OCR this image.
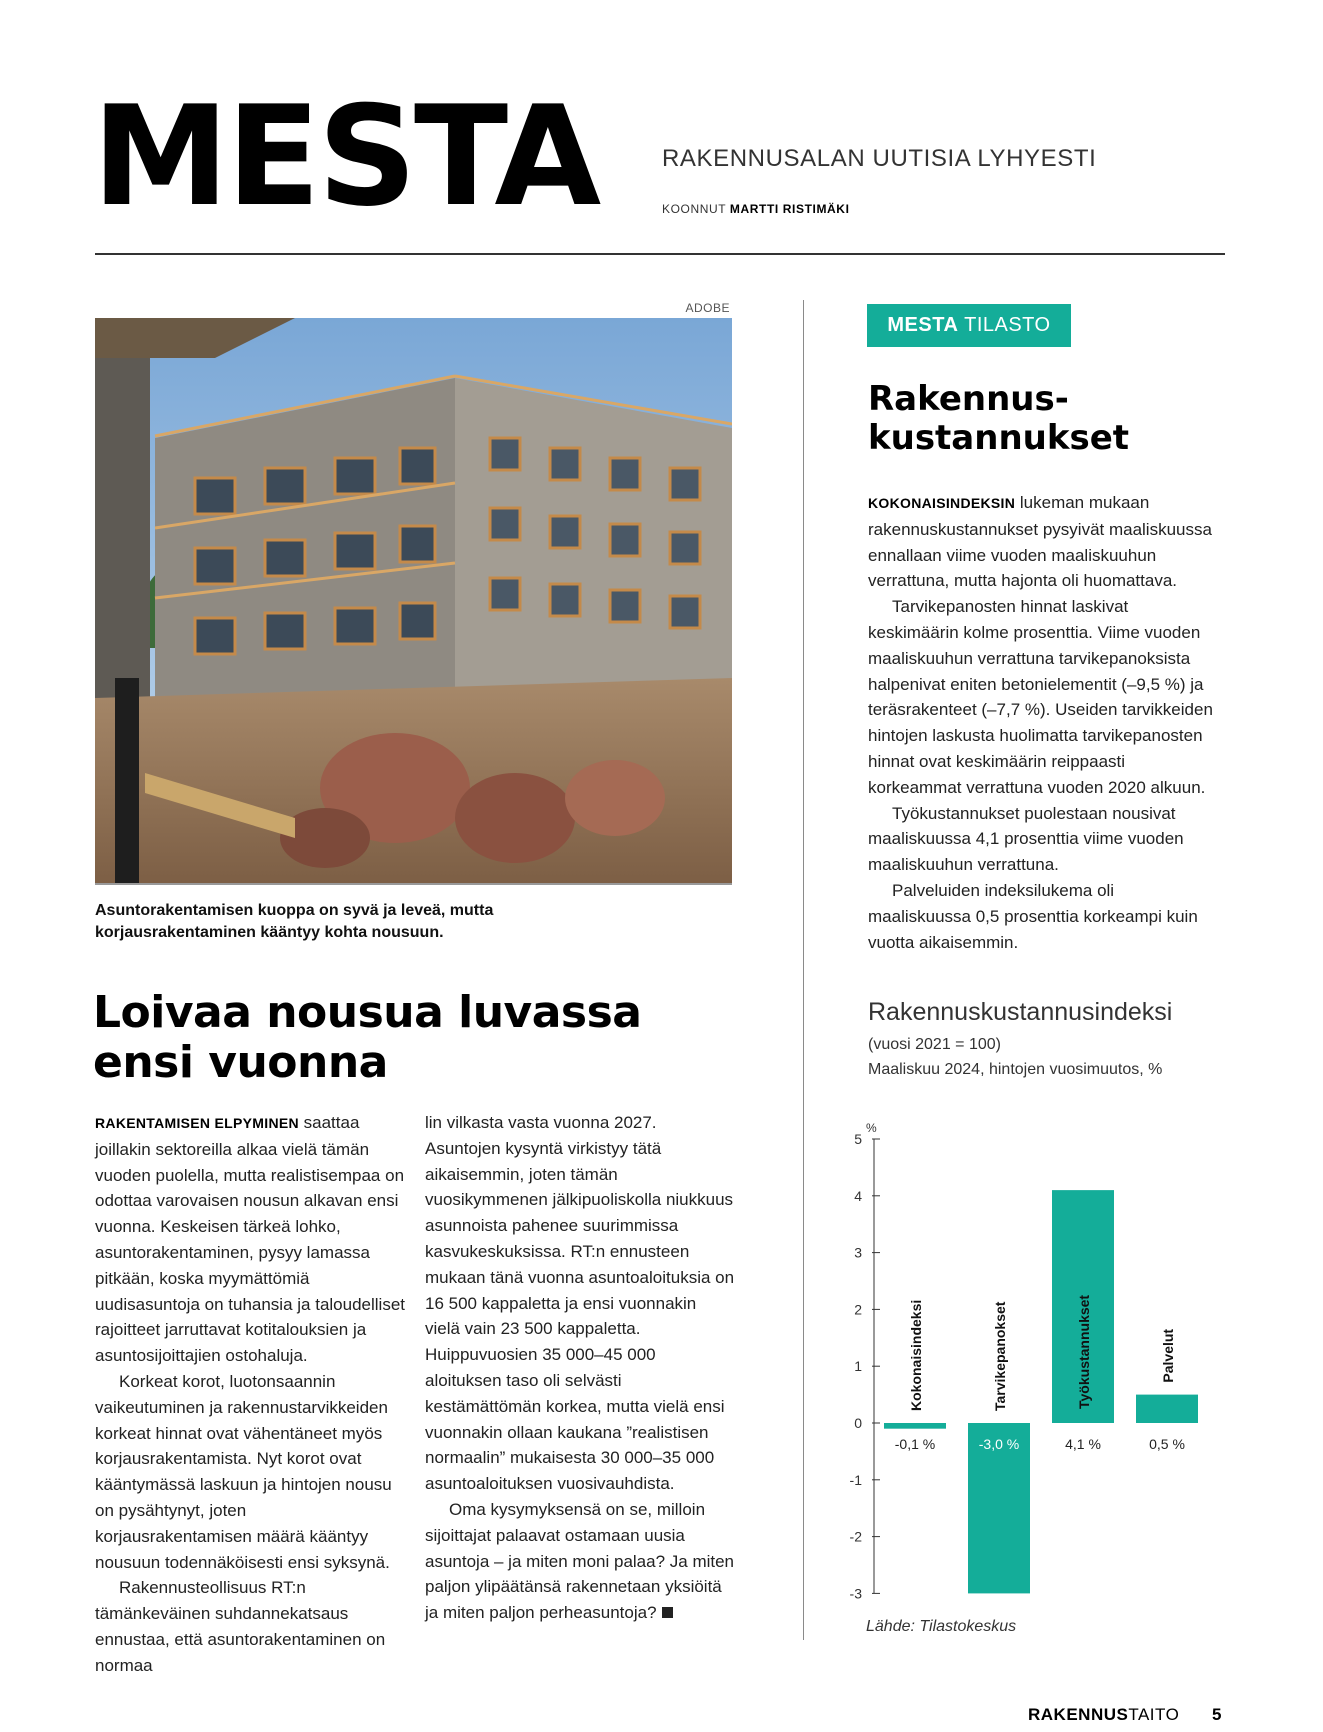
MESTA	RAKENNUSALAN UUTISIA LYHYESTI
KOONNUT MARTTI RISTIMÄKI
ADOBE
Asuntorakentamisen kuoppa on syvä ja leveä, mutta korjausrakentaminen kääntyy kohta nousuun.
Loivaa nousua luvassa ensi vuonna

RAKENTAMISEN ELPYMINEN saattaa joillakin sektoreilla alkaa vielä tämän vuoden puolella, mutta realistisempaa on odottaa varovaisen nousun alkavan ensi vuonna. Keskeisen tärkeä lohko, asuntorakentaminen, pysyy lamassa pitkään, koska myymättömiä uudisasuntoja on tuhansia ja taloudelliset rajoitteet jarruttavat kotitalouksien ja asuntosijoittajien ostohaluja.

Korkeat korot, luotonsaannin vaikeutuminen ja rakennustarvikkeiden korkeat hinnat ovat vähentäneet myös korjausrakentamista. Nyt korot ovat kääntymässä laskuun ja hintojen nousu on pysähtynyt, joten korjausrakentamisen määrä kääntyy nousuun todennäköisesti ensi syksynä.

Rakennusteollisuus RT:n tämänkeväinen suhdannekatsaus ennustaa, että asuntorakentaminen on normaa

lin vilkasta vasta vuonna 2027. Asuntojen kysyntä virkistyy tätä aikaisemmin, joten tämän vuosikymmenen jälkipuoliskolla niukkuus asunnoista pahenee suurimmissa kasvukeskuksissa. RT:n ennusteen mukaan tänä vuonna asuntoaloituksia on 16 500 kappaletta ja ensi vuonnakin vielä vain 23 500 kappaletta. Huippuvuosien 35 000–45 000 aloituksen taso oli selvästi kestämättömän korkea, mutta vielä ensi vuonnakin ollaan kaukana ”realistisen normaalin” mukaisesta 30 000–35 000 asuntoaloituksen vuosivauhdista.

Oma kysymyksensä on se, milloin sijoittajat palaavat ostamaan uusia asuntoja – ja miten moni palaa? Ja miten paljon ylipäätänsä rakennetaan yksiöitä ja miten paljon perheasuntoja?

MESTA TILASTO
Rakennus-kustannukset

KOKONAISINDEKSIN lukeman mukaan rakennuskustannukset pysyivät maaliskuussa ennallaan viime vuoden maaliskuuhun verrattuna, mutta hajonta oli huomattava.

Tarvikepanosten hinnat laskivat keskimäärin kolme prosenttia. Viime vuoden maaliskuuhun verrattuna tarvikepanoksista halpenivat eniten betonielementit (–9,5 %) ja teräsrakenteet (–7,7 %). Useiden tarvikkeiden hintojen laskusta huolimatta tarvikepanosten hinnat ovat keskimäärin reippaasti korkeammat verrattuna vuoden 2020 alkuun.

Työkustannukset puolestaan nousivat maaliskuussa 4,1 prosenttia viime vuoden maaliskuuhun verrattuna.

Palveluiden indeksilukema oli maaliskuussa 0,5 prosenttia korkeampi kuin vuotta aikaisemmin.

Rakennuskustannusindeksi
(vuosi 2021 = 100)
Maaliskuu 2024, hintojen vuosimuutos, %
%
5
4
3
2
1
0
-1
-2
-3
Kokonaisindeksi
-0,1 %
Tarvikepanokset
-3,0 %
Työkustannukset
4,1 %
Palvelut
0,5 %
Lähde: Tilastokeskus
RAKENNUSTAITO 5
